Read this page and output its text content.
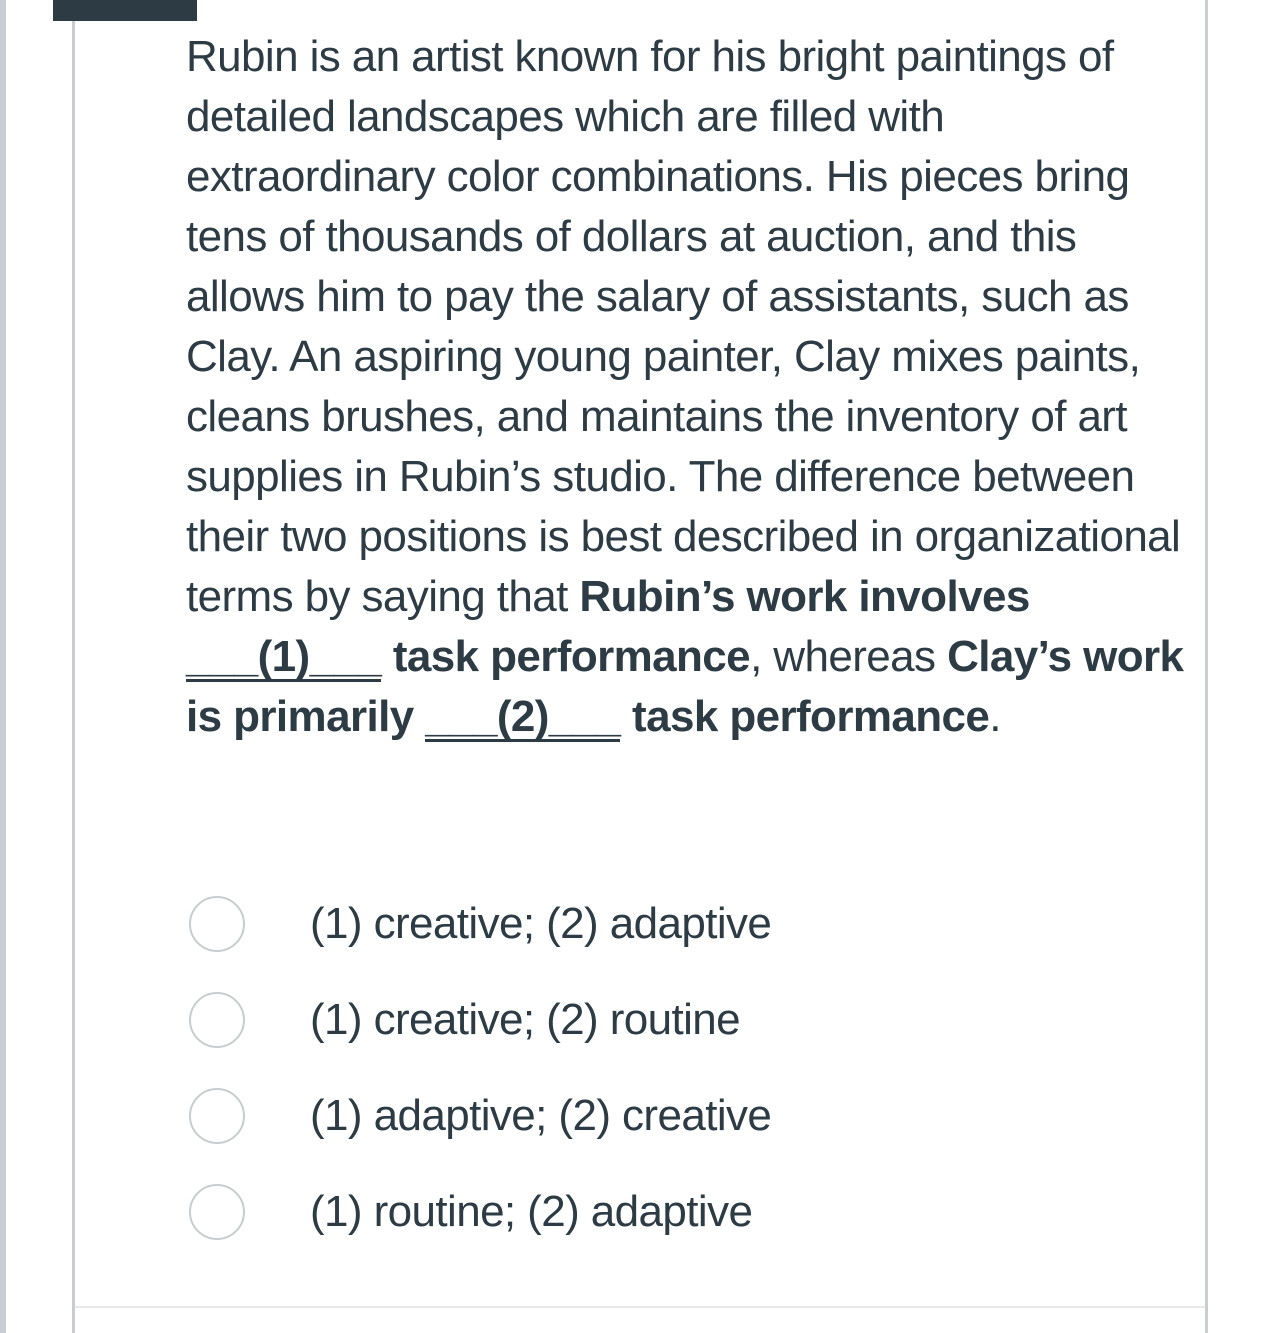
Rubin is an artist known for his bright paintings of detailed landscapes which are filled with extraordinary color combinations. His pieces bring tens of thousands of dollars at auction, and this allows him to pay the salary of assistants, such as Clay. An aspiring young painter, Clay mixes paints, cleans brushes, and maintains the inventory of art supplies in Rubin’s studio. The difference between their two positions is best described in organizational terms by saying that Rubin’s work involves ___(1)___ task performance, whereas Clay’s work is primarily ___(2)___ task performance.

(1) creative; (2) adaptive
(1) creative; (2) routine
(1) adaptive; (2) creative
(1) routine; (2) adaptive
